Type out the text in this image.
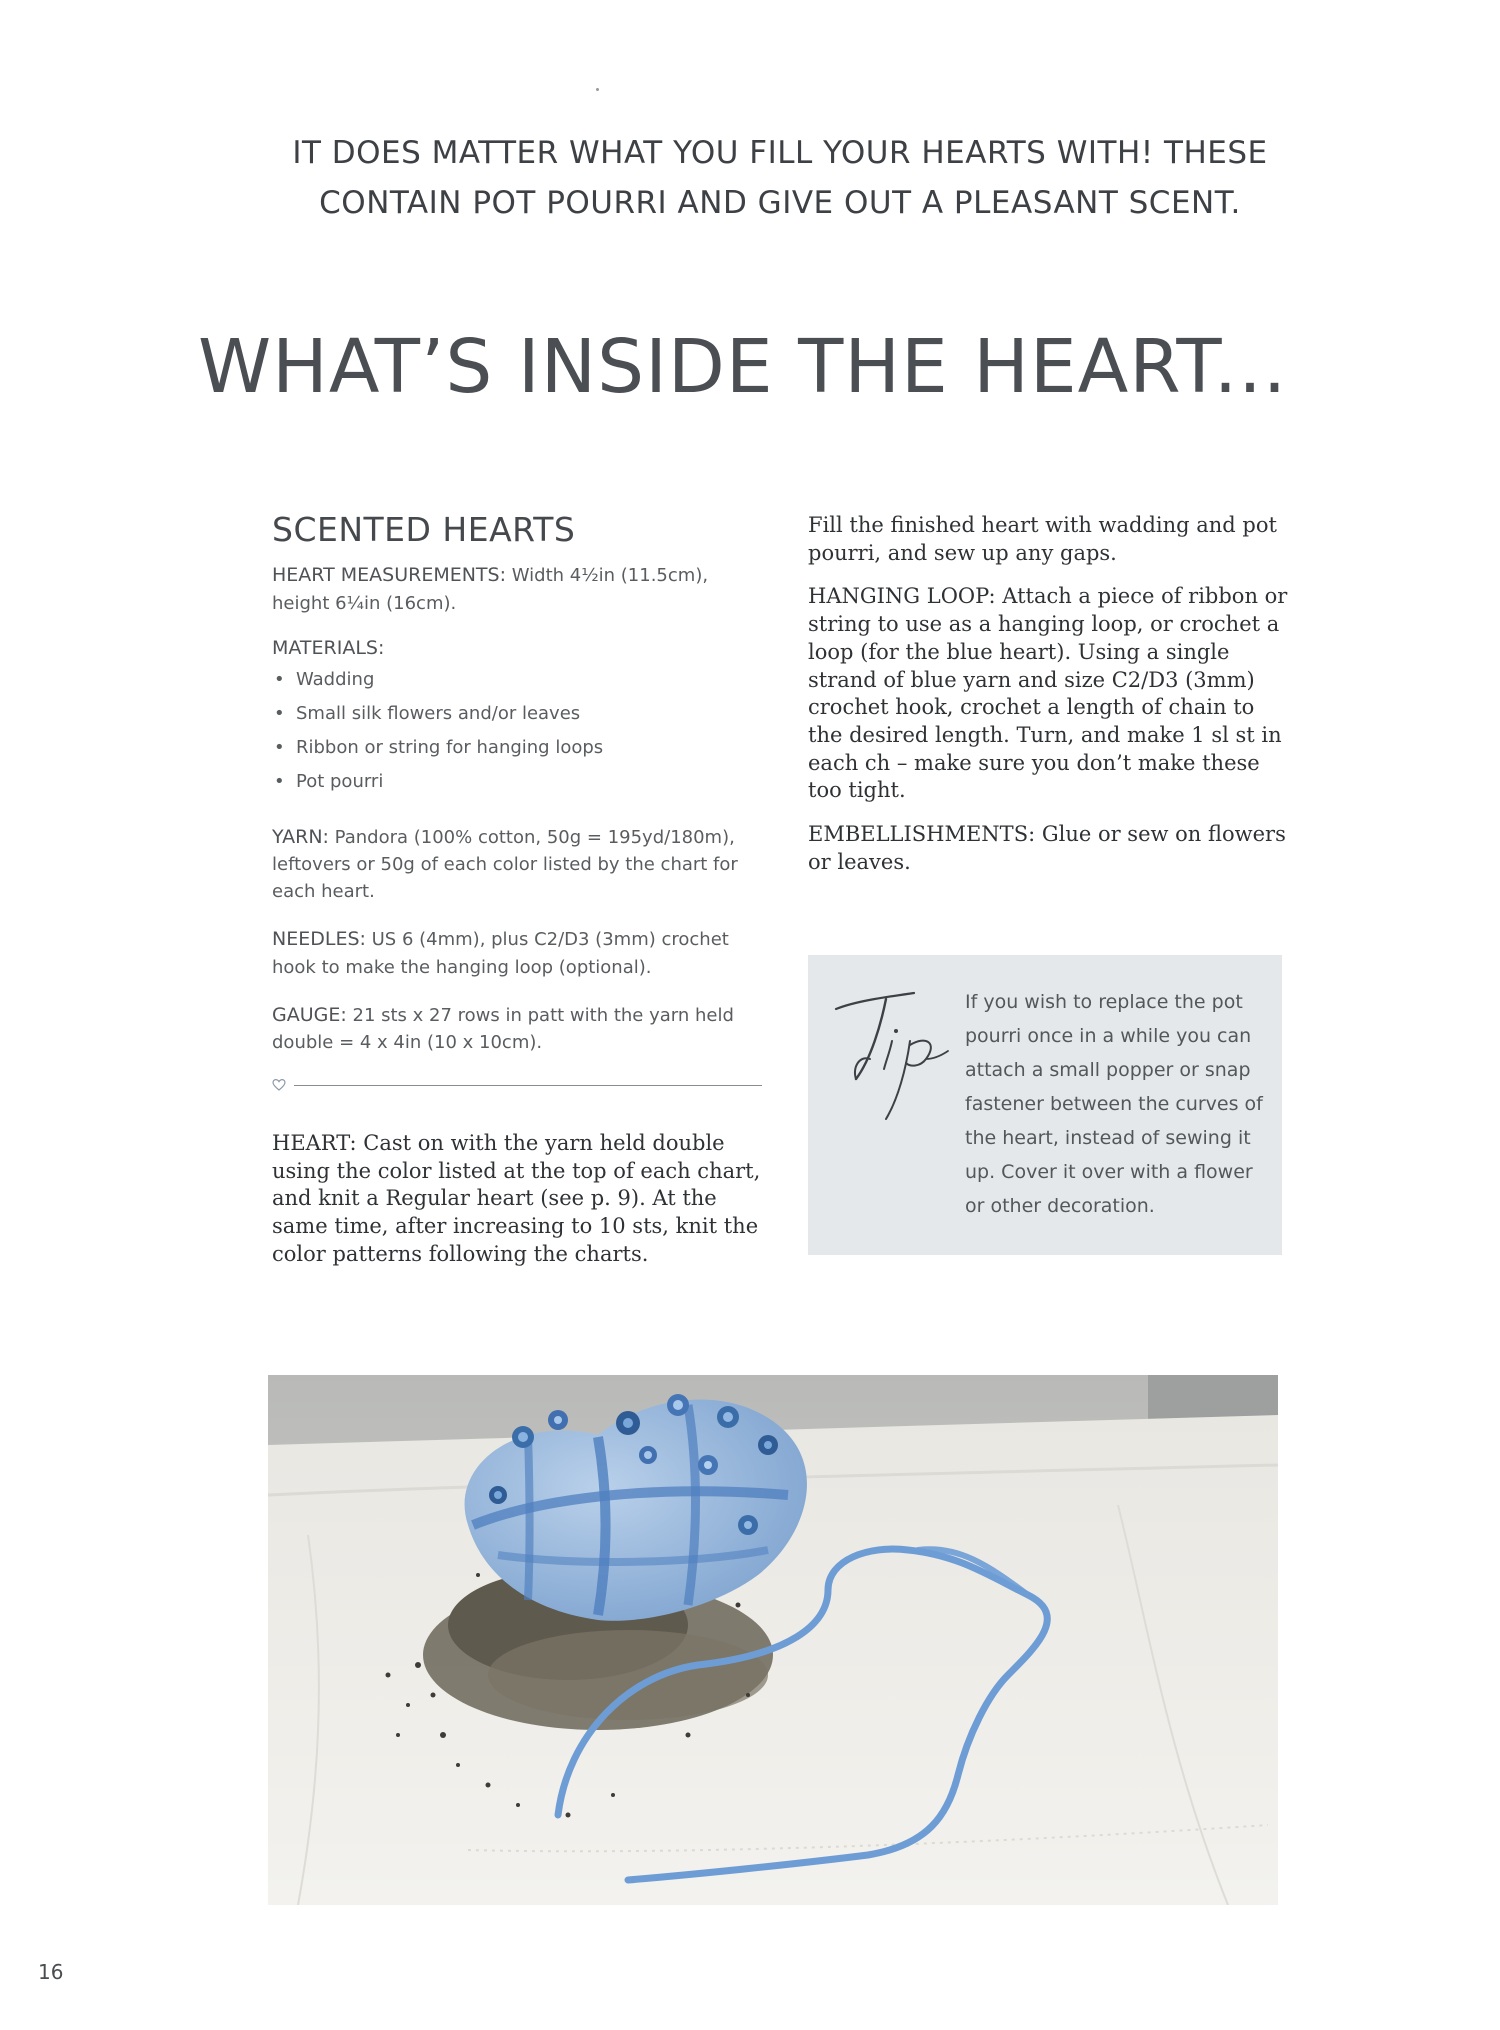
IT DOES MATTER WHAT YOU FILL YOUR HEARTS WITH! THESE
CONTAIN POT POURRI AND GIVE OUT A PLEASANT SCENT.
WHAT’S INSIDE THE HEART...
SCENTED HEARTS

HEART MEASUREMENTS: Width 4½in (11.5cm), height 6¼in (16cm).

MATERIALS:
• Wadding
• Small silk flowers and/or leaves
• Ribbon or string for hanging loops
• Pot pourri

YARN: Pandora (100% cotton, 50g = 195yd/180m), leftovers or 50g of each color listed by the chart for each heart.

NEEDLES: US 6 (4mm), plus C2/D3 (3mm) crochet hook to make the hanging loop (optional).

GAUGE: 21 sts x 27 rows in patt with the yarn held double = 4 x 4in (10 x 10cm).

HEART: Cast on with the yarn held double using the color listed at the top of each chart, and knit a Regular heart (see p. 9). At the same time, after increasing to 10 sts, knit the color patterns following the charts.

Fill the finished heart with wadding and pot pourri, and sew up any gaps.

HANGING LOOP: Attach a piece of ribbon or string to use as a hanging loop, or crochet a loop (for the blue heart). Using a single strand of blue yarn and size C2/D3 (3mm) crochet hook, crochet a length of chain to the desired length. Turn, and make 1 sl st in each ch – make sure you don’t make these too tight.

EMBELLISHMENTS: Glue or sew on flowers or leaves.

If you wish to replace the pot pourri once in a while you can attach a small popper or snap fastener between the curves of the heart, instead of sewing it up. Cover it over with a flower or other decoration.
16
